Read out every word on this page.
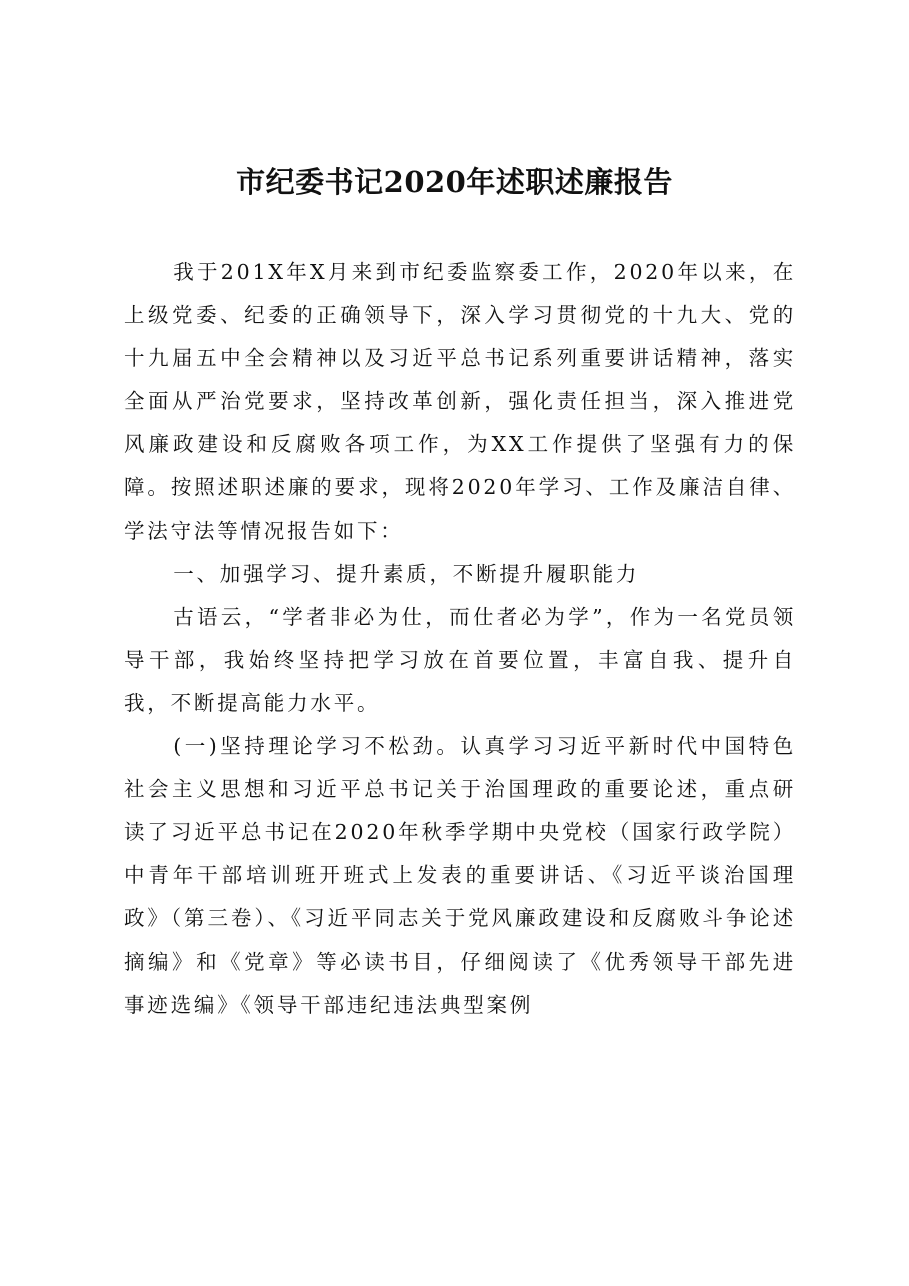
市纪委书记2020年述职述廉报告

我于201X年X月来到市纪委监察委工作，2020年以来，在上级党委、纪委的正确领导下，深入学习贯彻党的十九大、党的十九届五中全会精神以及习近平总书记系列重要讲话精神，落实全面从严治党要求，坚持改革创新，强化责任担当，深入推进党风廉政建设和反腐败各项工作，为XX工作提供了坚强有力的保障。按照述职述廉的要求，现将2020年学习、工作及廉洁自律、学法守法等情况报告如下：

一、加强学习、提升素质，不断提升履职能力

古语云，“学者非必为仕，而仕者必为学”，作为一名党员领导干部，我始终坚持把学习放在首要位置，丰富自我、提升自我，不断提高能力水平。

(一)坚持理论学习不松劲。认真学习习近平新时代中国特色社会主义思想和习近平总书记关于治国理政的重要论述，重点研读了习近平总书记在2020年秋季学期中央党校（国家行政学院）中青年干部培训班开班式上发表的重要讲话、《习近平谈治国理政》（第三卷）、《习近平同志关于党风廉政建设和反腐败斗争论述摘编》和《党章》等必读书目，仔细阅读了《优秀领导干部先进事迹选编》《领导干部违纪违法典型案例
